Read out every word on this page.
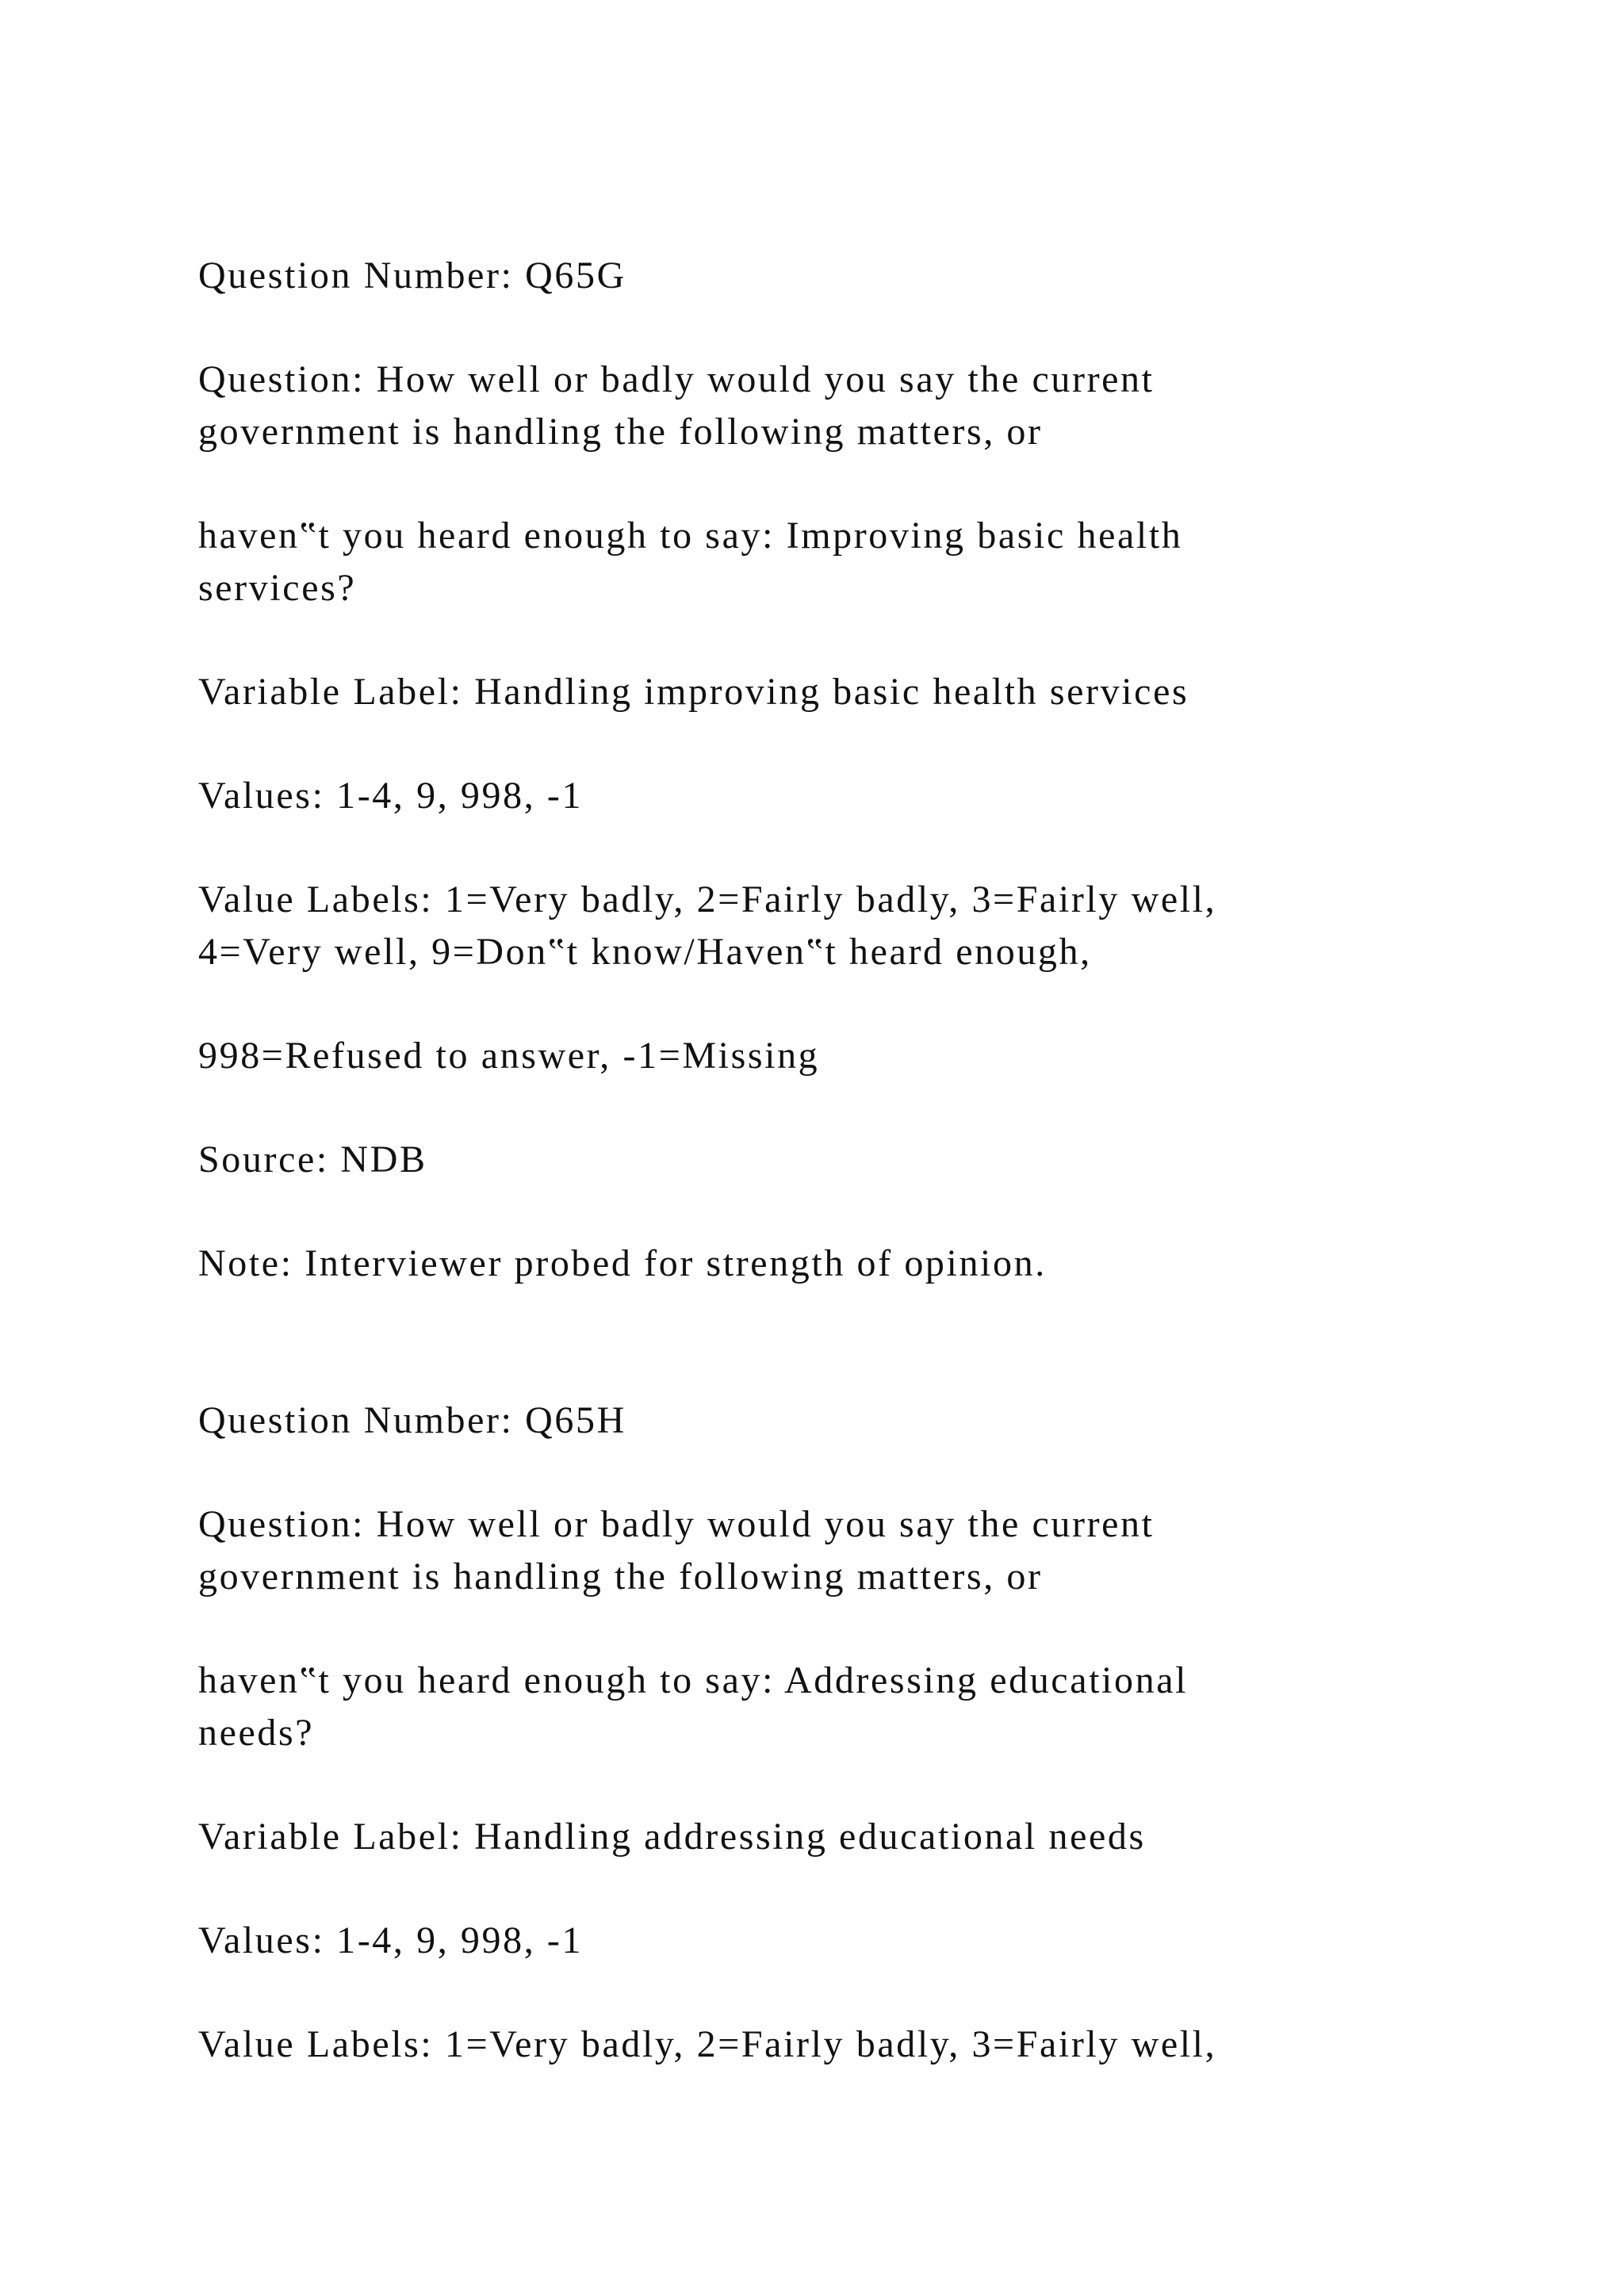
Question Number: Q65G

Question: How well or badly would you say the current

government is handling the following matters, or

haven‟t you heard enough to say: Improving basic health

services?

Variable Label: Handling improving basic health services

Values: 1-4, 9, 998, -1

Value Labels: 1=Very badly, 2=Fairly badly, 3=Fairly well,

4=Very well, 9=Don‟t know/Haven‟t heard enough,

998=Refused to answer, -1=Missing

Source: NDB

Note: Interviewer probed for strength of opinion.

Question Number: Q65H

Question: How well or badly would you say the current

government is handling the following matters, or

haven‟t you heard enough to say: Addressing educational

needs?

Variable Label: Handling addressing educational needs

Values: 1-4, 9, 998, -1

Value Labels: 1=Very badly, 2=Fairly badly, 3=Fairly well,
